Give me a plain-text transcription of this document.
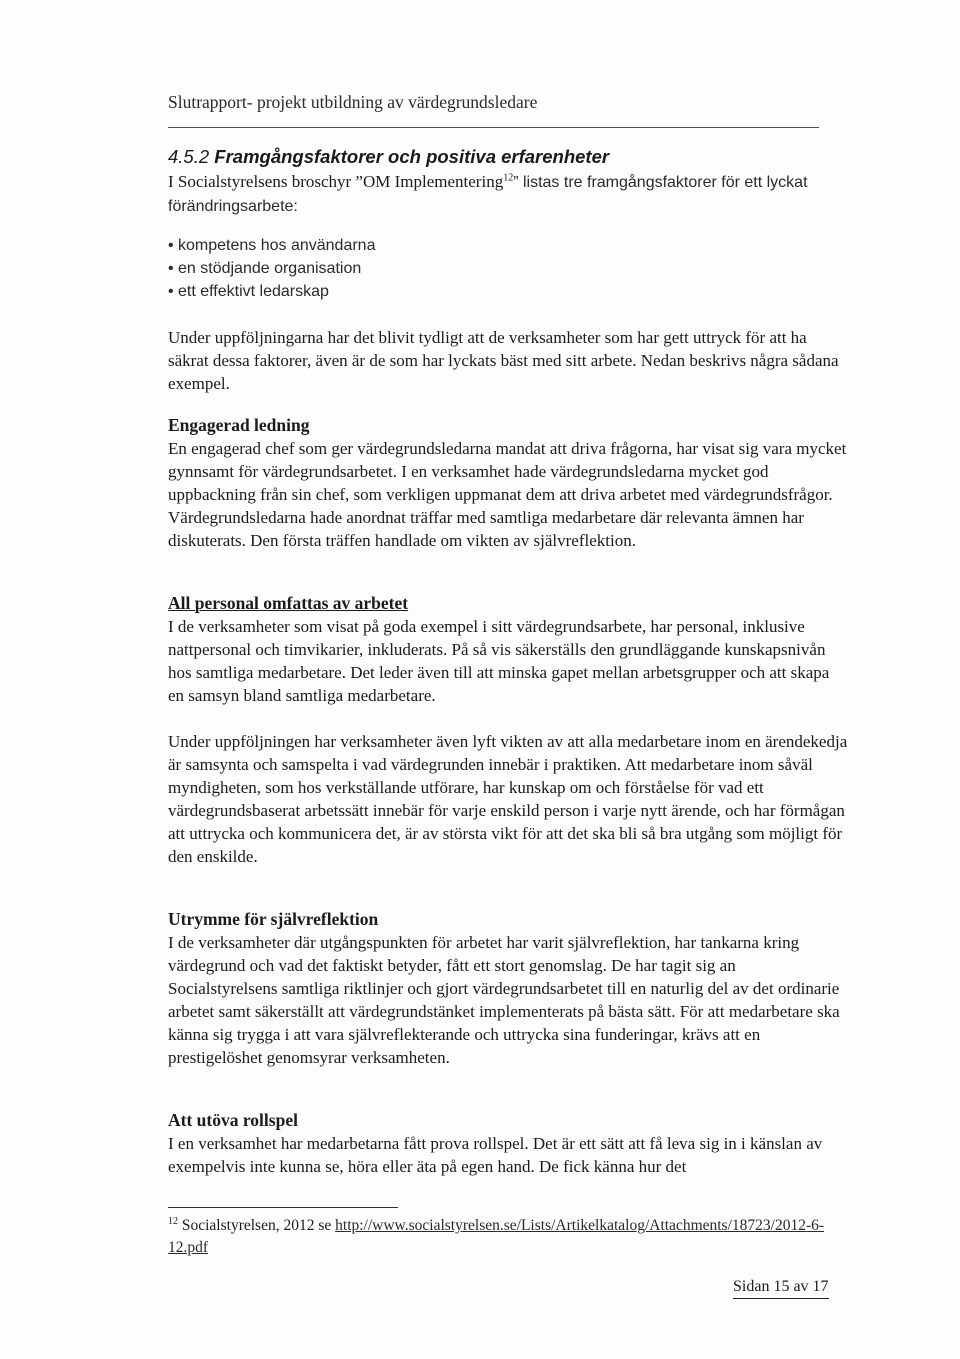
Slutrapport- projekt utbildning av värdegrundsledare
4.5.2 Framgångsfaktorer och positiva erfarenheter

I Socialstyrelsens broschyr ”OM Implementering$^{12}$” listas tre framgångsfaktorer för ett lyckat förändringsarbete:

• kompetens hos användarna
• en stödjande organisation
• ett effektivt ledarskap

Under uppföljningarna har det blivit tydligt att de verksamheter som har gett uttryck för att ha säkrat dessa faktorer, även är de som har lyckats bäst med sitt arbete. Nedan beskrivs några sådana exempel.

Engagerad ledning

En engagerad chef som ger värdegrundsledarna mandat att driva frågorna, har visat sig vara mycket gynnsamt för värdegrundsarbetet. I en verksamhet hade värdegrundsledarna mycket god uppbackning från sin chef, som verkligen uppmanat dem att driva arbetet med värdegrundsfrågor. Värdegrundsledarna hade anordnat träffar med samtliga medarbetare där relevanta ämnen har diskuterats. Den första träffen handlade om vikten av självreflektion.

All personal omfattas av arbetet

I de verksamheter som visat på goda exempel i sitt värdegrundsarbete, har personal, inklusive nattpersonal och timvikarier, inkluderats. På så vis säkerställs den grundläggande kunskapsnivån hos samtliga medarbetare. Det leder även till att minska gapet mellan arbetsgrupper och att skapa en samsyn bland samtliga medarbetare.

Under uppföljningen har verksamheter även lyft vikten av att alla medarbetare inom en ärendekedja är samsynta och samspelta i vad värdegrunden innebär i praktiken. Att medarbetare inom såväl myndigheten, som hos verkställande utförare, har kunskap om och förståelse för vad ett värdegrundsbaserat arbetssätt innebär för varje enskild person i varje nytt ärende, och har förmågan att uttrycka och kommunicera det, är av största vikt för att det ska bli så bra utgång som möjligt för den enskilde.

Utrymme för självreflektion

I de verksamheter där utgångspunkten för arbetet har varit självreflektion, har tankarna kring värdegrund och vad det faktiskt betyder, fått ett stort genomslag. De har tagit sig an Socialstyrelsens samtliga riktlinjer och gjort värdegrundsarbetet till en naturlig del av det ordinarie arbetet samt säkerställt att värdegrundstänket implementerats på bästa sätt. För att medarbetare ska känna sig trygga i att vara självreflekterande och uttrycka sina funderingar, krävs att en prestigelöshet genomsyrar verksamheten.

Att utöva rollspel

I en verksamhet har medarbetarna fått prova rollspel. Det är ett sätt att få leva sig in i känslan av exempelvis inte kunna se, höra eller äta på egen hand. De fick känna hur det

$^{12}$ Socialstyrelsen, 2012 se http://www.socialstyrelsen.se/Lists/Artikelkatalog/Attachments/18723/2012-6-12.pdf
Sidan 15 av 17
